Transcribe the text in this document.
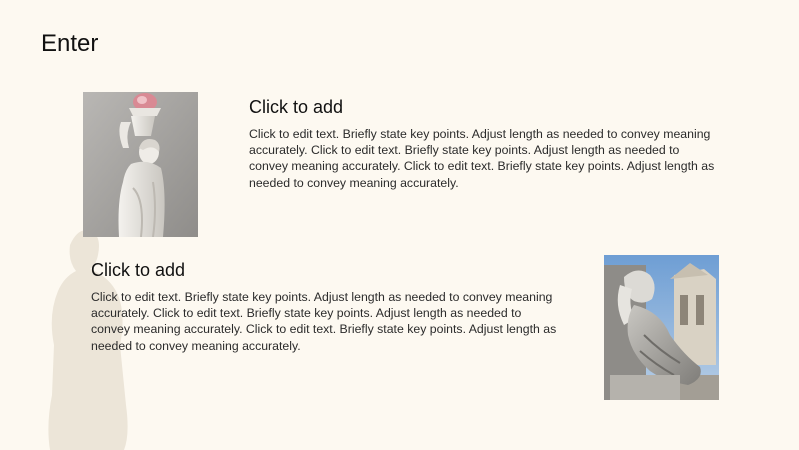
Enter
Click to add

Click to edit text. Briefly state key points. Adjust length as needed to convey meaning accurately. Click to edit text. Briefly state key points. Adjust length as needed to convey meaning accurately. Click to edit text. Briefly state key points. Adjust length as needed to convey meaning accurately.

Click to add

Click to edit text. Briefly state key points. Adjust length as needed to convey meaning accurately. Click to edit text. Briefly state key points. Adjust length as needed to convey meaning accurately. Click to edit text. Briefly state key points. Adjust length as needed to convey meaning accurately.
